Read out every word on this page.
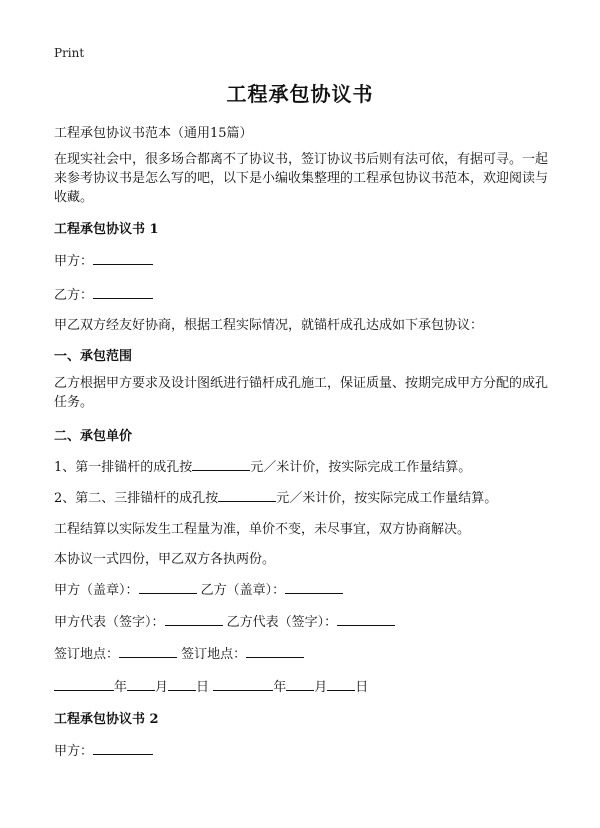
Print
工程承包协议书
工程承包协议书范本（通用15篇）
在现实社会中，很多场合都离不了协议书，签订协议书后则有法可依，有据可寻。一起来参考协议书是怎么写的吧，以下是小编收集整理的工程承包协议书范本，欢迎阅读与收藏。
工程承包协议书 1
甲方：
乙方：
甲乙双方经友好协商，根据工程实际情况，就锚杆成孔达成如下承包协议：
一、承包范围
乙方根据甲方要求及设计图纸进行锚杆成孔施工，保证质量、按期完成甲方分配的成孔任务。
二、承包单价
1、第一排锚杆的成孔按	元／米计价，按实际完成工作量结算。
2、第二、三排锚杆的成孔按	元／米计价，按实际完成工作量结算。
工程结算以实际发生工程量为准，单价不变，未尽事宜，双方协商解决。
本协议一式四份，甲乙双方各执两份。
甲方（盖章）：	乙方（盖章）：
甲方代表（签字）：	乙方代表（签字）：
签订地点：	签订地点：
年 月 日	年 月 日
工程承包协议书 2
甲方：
